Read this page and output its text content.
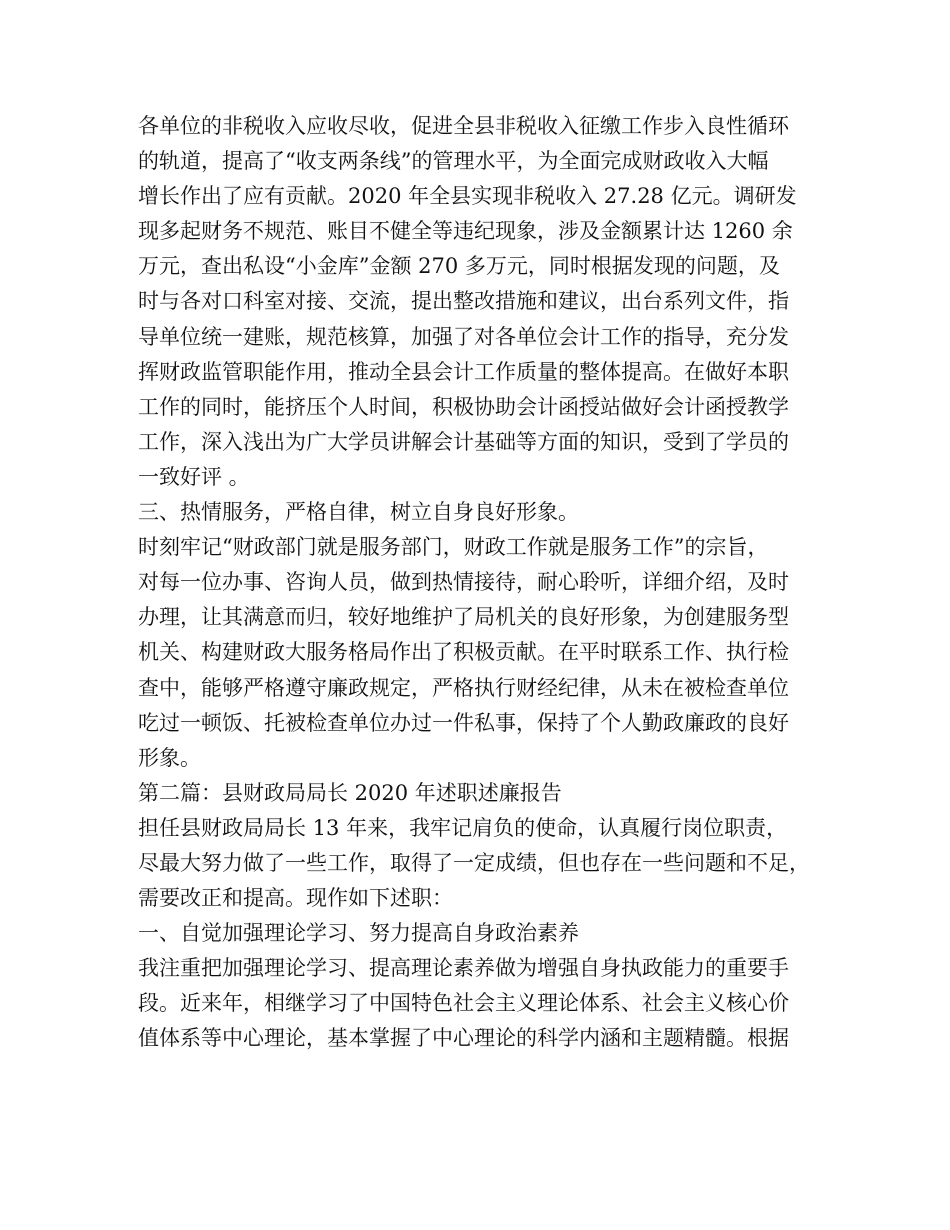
各单位的非税收入应收尽收，促进全县非税收入征缴工作步入良性循环
的轨道，提高了“收支两条线”的管理水平，为全面完成财政收入大幅
增长作出了应有贡献。2020 年全县实现非税收入 27.28 亿元。调研发
现多起财务不规范、账目不健全等违纪现象，涉及金额累计达 1260 余
万元，查出私设“小金库”金额 270 多万元，同时根据发现的问题，及
时与各对口科室对接、交流，提出整改措施和建议，出台系列文件，指
导单位统一建账，规范核算，加强了对各单位会计工作的指导，充分发
挥财政监管职能作用，推动全县会计工作质量的整体提高。在做好本职
工作的同时，能挤压个人时间，积极协助会计函授站做好会计函授教学
工作，深入浅出为广大学员讲解会计基础等方面的知识，受到了学员的
一致好评 。
三、热情服务，严格自律，树立自身良好形象。
时刻牢记“财政部门就是服务部门，财政工作就是服务工作”的宗旨，
对每一位办事、咨询人员，做到热情接待，耐心聆听，详细介绍，及时
办理，让其满意而归，较好地维护了局机关的良好形象，为创建服务型
机关、构建财政大服务格局作出了积极贡献。在平时联系工作、执行检
查中，能够严格遵守廉政规定，严格执行财经纪律，从未在被检查单位
吃过一顿饭、托被检查单位办过一件私事，保持了个人勤政廉政的良好
形象。
第二篇：县财政局局长 2020 年述职述廉报告
担任县财政局局长 13 年来，我牢记肩负的使命，认真履行岗位职责，
尽最大努力做了一些工作，取得了一定成绩，但也存在一些问题和不足，
需要改正和提高。现作如下述职：
一、自觉加强理论学习、努力提高自身政治素养
我注重把加强理论学习、提高理论素养做为增强自身执政能力的重要手
段。近来年，相继学习了中国特色社会主义理论体系、社会主义核心价
值体系等中心理论，基本掌握了中心理论的科学内涵和主题精髓。根据
